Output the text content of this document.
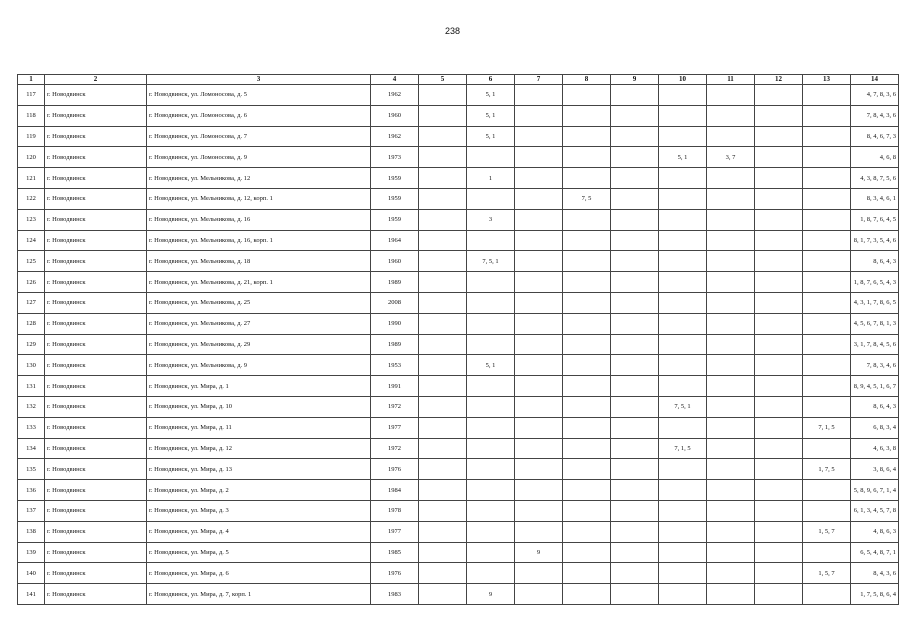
238
1	2	3	4	5	6	7	8	9	10	11	12	13	14
117	г. Новодвинск	г. Новодвинск, ул. Ломоносова, д. 5	1962		5, 1								4, 7, 8, 3, 6
118	г. Новодвинск	г. Новодвинск, ул. Ломоносова, д. 6	1960		5, 1								7, 8, 4, 3, 6
119	г. Новодвинск	г. Новодвинск, ул. Ломоносова, д. 7	1962		5, 1								8, 4, 6, 7, 3
120	г. Новодвинск	г. Новодвинск, ул. Ломоносова, д. 9	1973						5, 1	3, 7			4, 6, 8
121	г. Новодвинск	г. Новодвинск, ул. Мельникова, д. 12	1959		1								4, 3, 8, 7, 5, 6
122	г. Новодвинск	г. Новодвинск, ул. Мельникова, д. 12, корп. 1	1959				7, 5						8, 3, 4, 6, 1
123	г. Новодвинск	г. Новодвинск, ул. Мельникова, д. 16	1959		3								1, 8, 7, 6, 4, 5
124	г. Новодвинск	г. Новодвинск, ул. Мельникова, д. 16, корп. 1	1964										8, 1, 7, 3, 5, 4, 6
125	г. Новодвинск	г. Новодвинск, ул. Мельникова, д. 18	1960		7, 5, 1								8, 6, 4, 3
126	г. Новодвинск	г. Новодвинск, ул. Мельникова, д. 21, корп. 1	1989										1, 8, 7, 6, 5, 4, 3
127	г. Новодвинск	г. Новодвинск, ул. Мельникова, д. 25	2008										4, 3, 1, 7, 8, 6, 5
128	г. Новодвинск	г. Новодвинск, ул. Мельникова, д. 27	1990										4, 5, 6, 7, 8, 1, 3
129	г. Новодвинск	г. Новодвинск, ул. Мельникова, д. 29	1989										3, 1, 7, 8, 4, 5, 6
130	г. Новодвинск	г. Новодвинск, ул. Мельникова, д. 9	1953		5, 1								7, 8, 3, 4, 6
131	г. Новодвинск	г. Новодвинск, ул. Мира, д. 1	1991										8, 9, 4, 5, 1, 6, 7
132	г. Новодвинск	г. Новодвинск, ул. Мира, д. 10	1972						7, 5, 1				8, 6, 4, 3
133	г. Новодвинск	г. Новодвинск, ул. Мира, д. 11	1977									7, 1, 5	6, 8, 3, 4
134	г. Новодвинск	г. Новодвинск, ул. Мира, д. 12	1972						7, 1, 5				4, 6, 3, 8
135	г. Новодвинск	г. Новодвинск, ул. Мира, д. 13	1976									1, 7, 5	3, 8, 6, 4
136	г. Новодвинск	г. Новодвинск, ул. Мира, д. 2	1984										5, 8, 9, 6, 7, 1, 4
137	г. Новодвинск	г. Новодвинск, ул. Мира, д. 3	1978										6, 1, 3, 4, 5, 7, 8
138	г. Новодвинск	г. Новодвинск, ул. Мира, д. 4	1977									1, 5, 7	4, 8, 6, 3
139	г. Новодвинск	г. Новодвинск, ул. Мира, д. 5	1985			9							6, 5, 4, 8, 7, 1
140	г. Новодвинск	г. Новодвинск, ул. Мира, д. 6	1976									1, 5, 7	8, 4, 3, 6
141	г. Новодвинск	г. Новодвинск, ул. Мира, д. 7, корп. 1	1983		9								1, 7, 5, 8, 6, 4
